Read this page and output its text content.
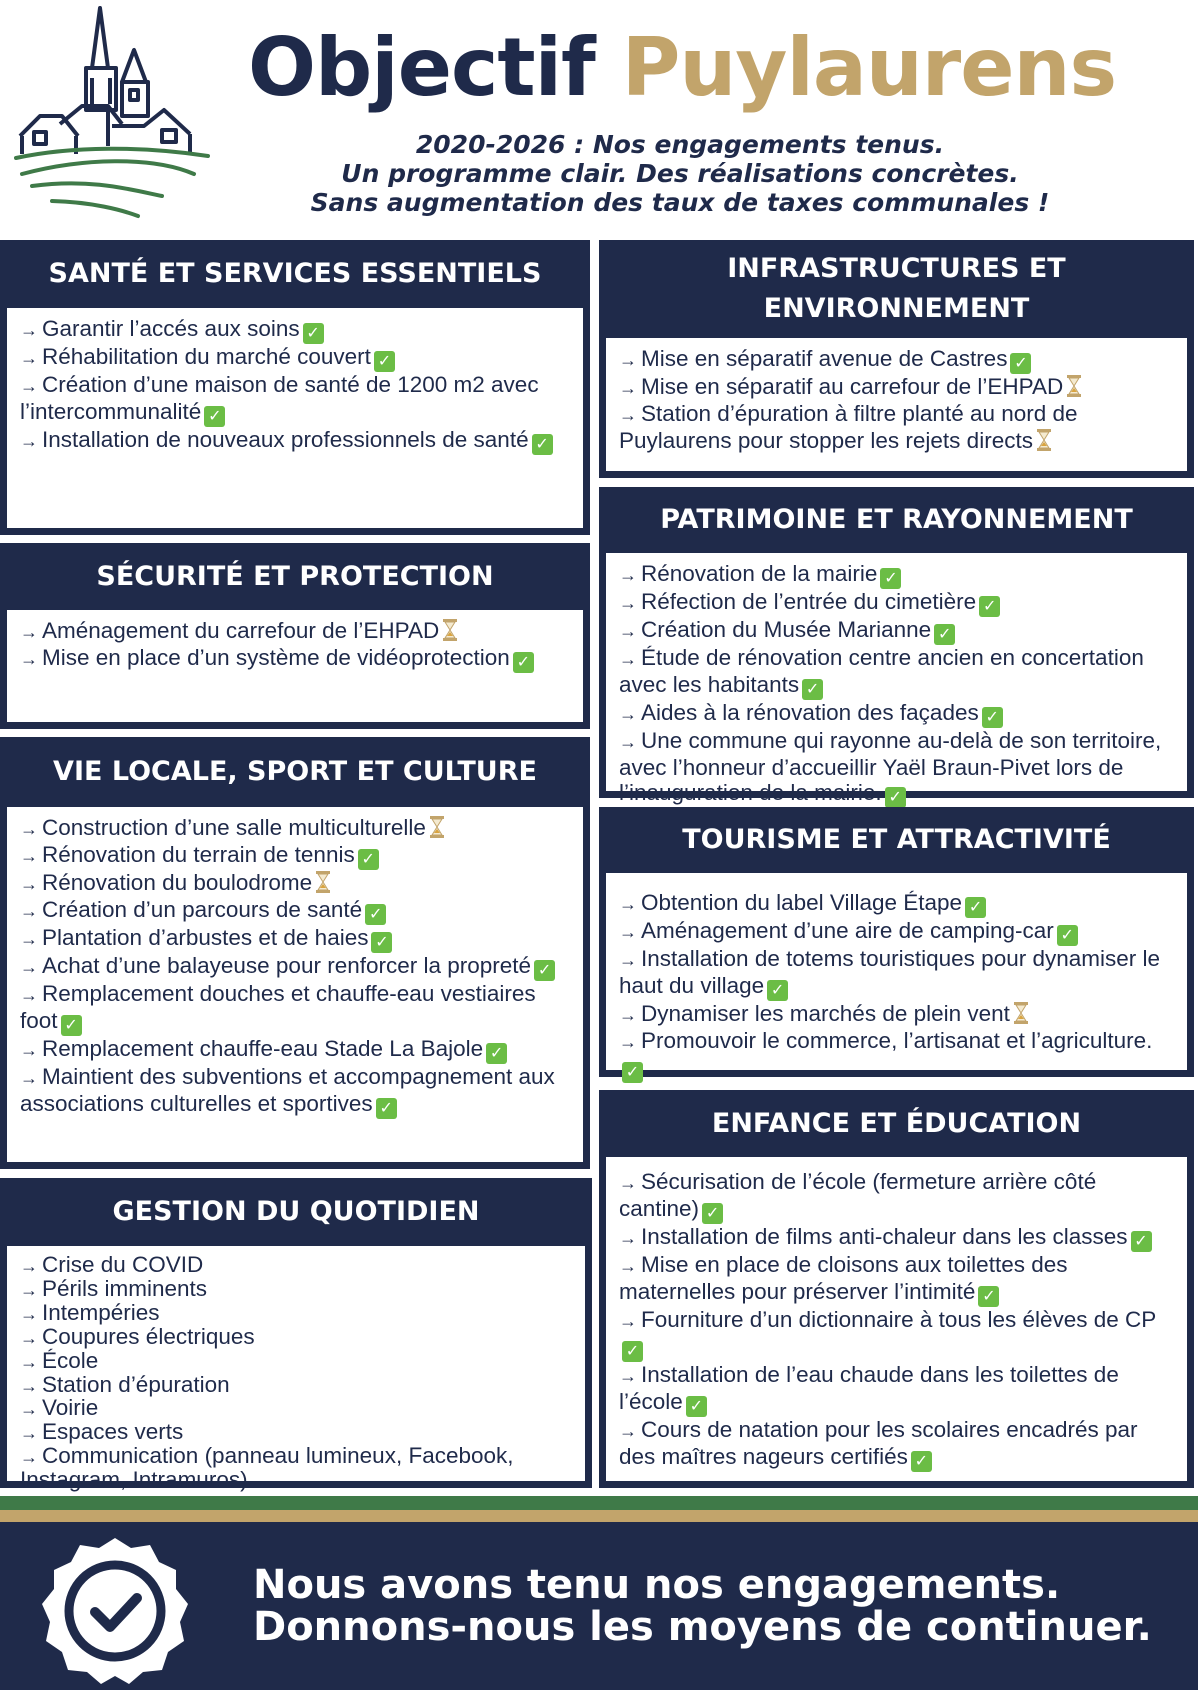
Objectif Puylaurens
2020-2026 : Nos engagements tenus.
Un programme clair. Des réalisations concrètes.
Sans augmentation des taux de taxes communales !
SANTÉ ET SERVICES ESSENTIELS
→ Garantir l’accés aux soins ✓
→ Réhabilitation du marché couvert ✓
→ Création d’une maison de santé de 1200 m2 avec l’intercommunalité ✓
→ Installation de nouveaux professionnels de santé ✓
SÉCURITÉ ET PROTECTION
→ Aménagement du carrefour de l’EHPAD
→ Mise en place d’un système de vidéoprotection ✓
VIE LOCALE, SPORT ET CULTURE
→ Construction d’une salle multiculturelle
→ Rénovation du terrain de tennis ✓
→ Rénovation du boulodrome
→ Création d’un parcours de santé ✓
→ Plantation d’arbustes et de haies ✓
→ Achat d’une balayeuse pour renforcer la propreté ✓
→ Remplacement douches et chauffe-eau vestiaires foot ✓
→ Remplacement chauffe-eau Stade La Bajole ✓
→ Maintient des subventions et accompagnement aux associations culturelles et sportives ✓
GESTION DU QUOTIDIEN
→ Crise du COVID
→ Périls imminents
→ Intempéries
→ Coupures électriques
→ École
→ Station d’épuration
→ Voirie
→ Espaces verts
→ Communication (panneau lumineux, Facebook, Instagram, Intramuros)
INFRASTRUCTURES ET ENVIRONNEMENT
→ Mise en séparatif avenue de Castres ✓
→ Mise en séparatif au carrefour de l’EHPAD
→ Station d’épuration à filtre planté au nord de Puylaurens pour stopper les rejets directs
PATRIMOINE ET RAYONNEMENT
→ Rénovation de la mairie ✓
→ Réfection de l’entrée du cimetière ✓
→ Création du Musée Marianne ✓
→ Étude de rénovation centre ancien en concertation avec les habitants ✓
→ Aides à la rénovation des façades ✓
→ Une commune qui rayonne au-delà de son territoire, avec l’honneur d’accueillir Yaël Braun-Pivet lors de l’inauguration de la mairie. ✓
TOURISME ET ATTRACTIVITÉ
→ Obtention du label Village Étape ✓
→ Aménagement d’une aire de camping-car ✓
→ Installation de totems touristiques pour dynamiser le haut du village ✓
→ Dynamiser les marchés de plein vent
→ Promouvoir le commerce, l’artisanat et l’agriculture.✓
ENFANCE ET ÉDUCATION
→ Sécurisation de l’école (fermeture arrière côté cantine) ✓
→ Installation de films anti-chaleur dans les classes ✓
→ Mise en place de cloisons aux toilettes des maternelles pour préserver l’intimité ✓
→ Fourniture d’un dictionnaire à tous les élèves de CP✓
→ Installation de l’eau chaude dans les toilettes de l’école ✓
→ Cours de natation pour les scolaires encadrés par des maîtres nageurs certifiés ✓
Nous avons tenu nos engagements.
Donnons-nous les moyens de continuer.
